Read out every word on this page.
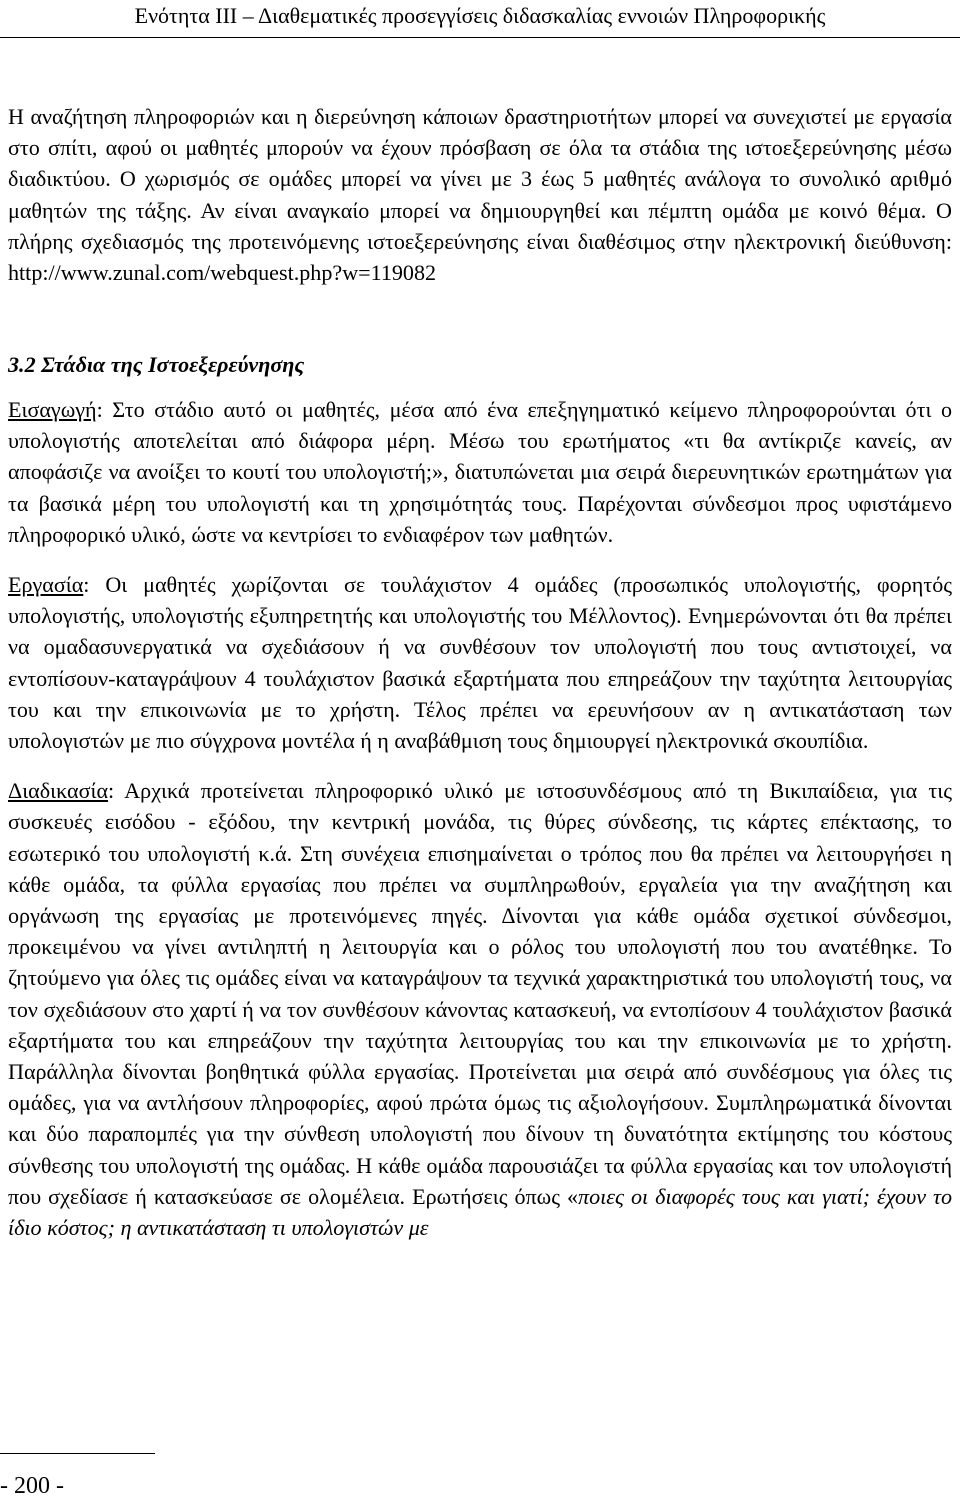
Ενότητα ΙΙΙ – Διαθεματικές προσεγγίσεις διδασκαλίας εννοιών Πληροφορικής

Η αναζήτηση πληροφοριών και η διερεύνηση κάποιων δραστηριοτήτων μπορεί να συνεχιστεί με εργασία στο σπίτι, αφού οι μαθητές μπορούν να έχουν πρόσβαση σε όλα τα στάδια της ιστοεξερεύνησης μέσω διαδικτύου. Ο χωρισμός σε ομάδες μπορεί να γίνει με 3 έως 5 μαθητές ανάλογα το συνολικό αριθμό μαθητών της τάξης. Αν είναι αναγκαίο μπορεί να δημιουργηθεί και πέμπτη ομάδα με κοινό θέμα. Ο πλήρης σχεδιασμός της προτεινόμενης ιστοεξερεύνησης είναι διαθέσιμος στην ηλεκτρονική διεύθυνση: http://www.zunal.com/webquest.php?w=119082

3.2 Στάδια της Ιστοεξερεύνησης

Εισαγωγή: Στο στάδιο αυτό οι μαθητές, μέσα από ένα επεξηγηματικό κείμενο πληροφορούνται ότι ο υπολογιστής αποτελείται από διάφορα μέρη. Μέσω του ερωτήματος «τι θα αντίκριζε κανείς, αν αποφάσιζε να ανοίξει το κουτί του υπολογιστή;», διατυπώνεται μια σειρά διερευνητικών ερωτημάτων για τα βασικά μέρη του υπολογιστή και τη χρησιμότητάς τους. Παρέχονται σύνδεσμοι προς υφιστάμενο πληροφορικό υλικό, ώστε να κεντρίσει το ενδιαφέρον των μαθητών.

Εργασία: Οι μαθητές χωρίζονται σε τουλάχιστον 4 ομάδες (προσωπικός υπολογιστής, φορητός υπολογιστής, υπολογιστής εξυπηρετητής και υπολογιστής του Μέλλοντος). Ενημερώνονται ότι θα πρέπει να ομαδασυνεργατικά να σχεδιάσουν ή να συνθέσουν τον υπολογιστή που τους αντιστοιχεί, να εντοπίσουν-καταγράψουν 4 τουλάχιστον βασικά εξαρτήματα που επηρεάζουν την ταχύτητα λειτουργίας του και την επικοινωνία με το χρήστη. Τέλος πρέπει να ερευνήσουν αν η αντικατάσταση των υπολογιστών με πιο σύγχρονα μοντέλα ή η αναβάθμιση τους δημιουργεί ηλεκτρονικά σκουπίδια.

Διαδικασία: Αρχικά προτείνεται πληροφορικό υλικό με ιστοσυνδέσμους από τη Βικιπαίδεια, για τις συσκευές εισόδου - εξόδου, την κεντρική μονάδα, τις θύρες σύνδεσης, τις κάρτες επέκτασης, το εσωτερικό του υπολογιστή κ.ά. Στη συνέχεια επισημαίνεται ο τρόπος που θα πρέπει να λειτουργήσει η κάθε ομάδα, τα φύλλα εργασίας που πρέπει να συμπληρωθούν, εργαλεία για την αναζήτηση και οργάνωση της εργασίας με προτεινόμενες πηγές. Δίνονται για κάθε ομάδα σχετικοί σύνδεσμοι, προκειμένου να γίνει αντιληπτή η λειτουργία και ο ρόλος του υπολογιστή που του ανατέθηκε. Το ζητούμενο για όλες τις ομάδες είναι να καταγράψουν τα τεχνικά χαρακτηριστικά του υπολογιστή τους, να τον σχεδιάσουν στο χαρτί ή να τον συνθέσουν κάνοντας κατασκευή, να εντοπίσουν 4 τουλάχιστον βασικά εξαρτήματα του και επηρεάζουν την ταχύτητα λειτουργίας του και την επικοινωνία με το χρήστη. Παράλληλα δίνονται βοηθητικά φύλλα εργασίας. Προτείνεται μια σειρά από συνδέσμους για όλες τις ομάδες, για να αντλήσουν πληροφορίες, αφού πρώτα όμως τις αξιολογήσουν. Συμπληρωματικά δίνονται και δύο παραπομπές για την σύνθεση υπολογιστή που δίνουν τη δυνατότητα εκτίμησης του κόστους σύνθεσης του υπολογιστή της ομάδας. Η κάθε ομάδα παρουσιάζει τα φύλλα εργασίας και τον υπολογιστή που σχεδίασε ή κατασκεύασε σε ολομέλεια. Ερωτήσεις όπως «ποιες οι διαφορές τους και γιατί; έχουν το ίδιο κόστος; η αντικατάσταση τι υπολογιστών με

- 200 -
